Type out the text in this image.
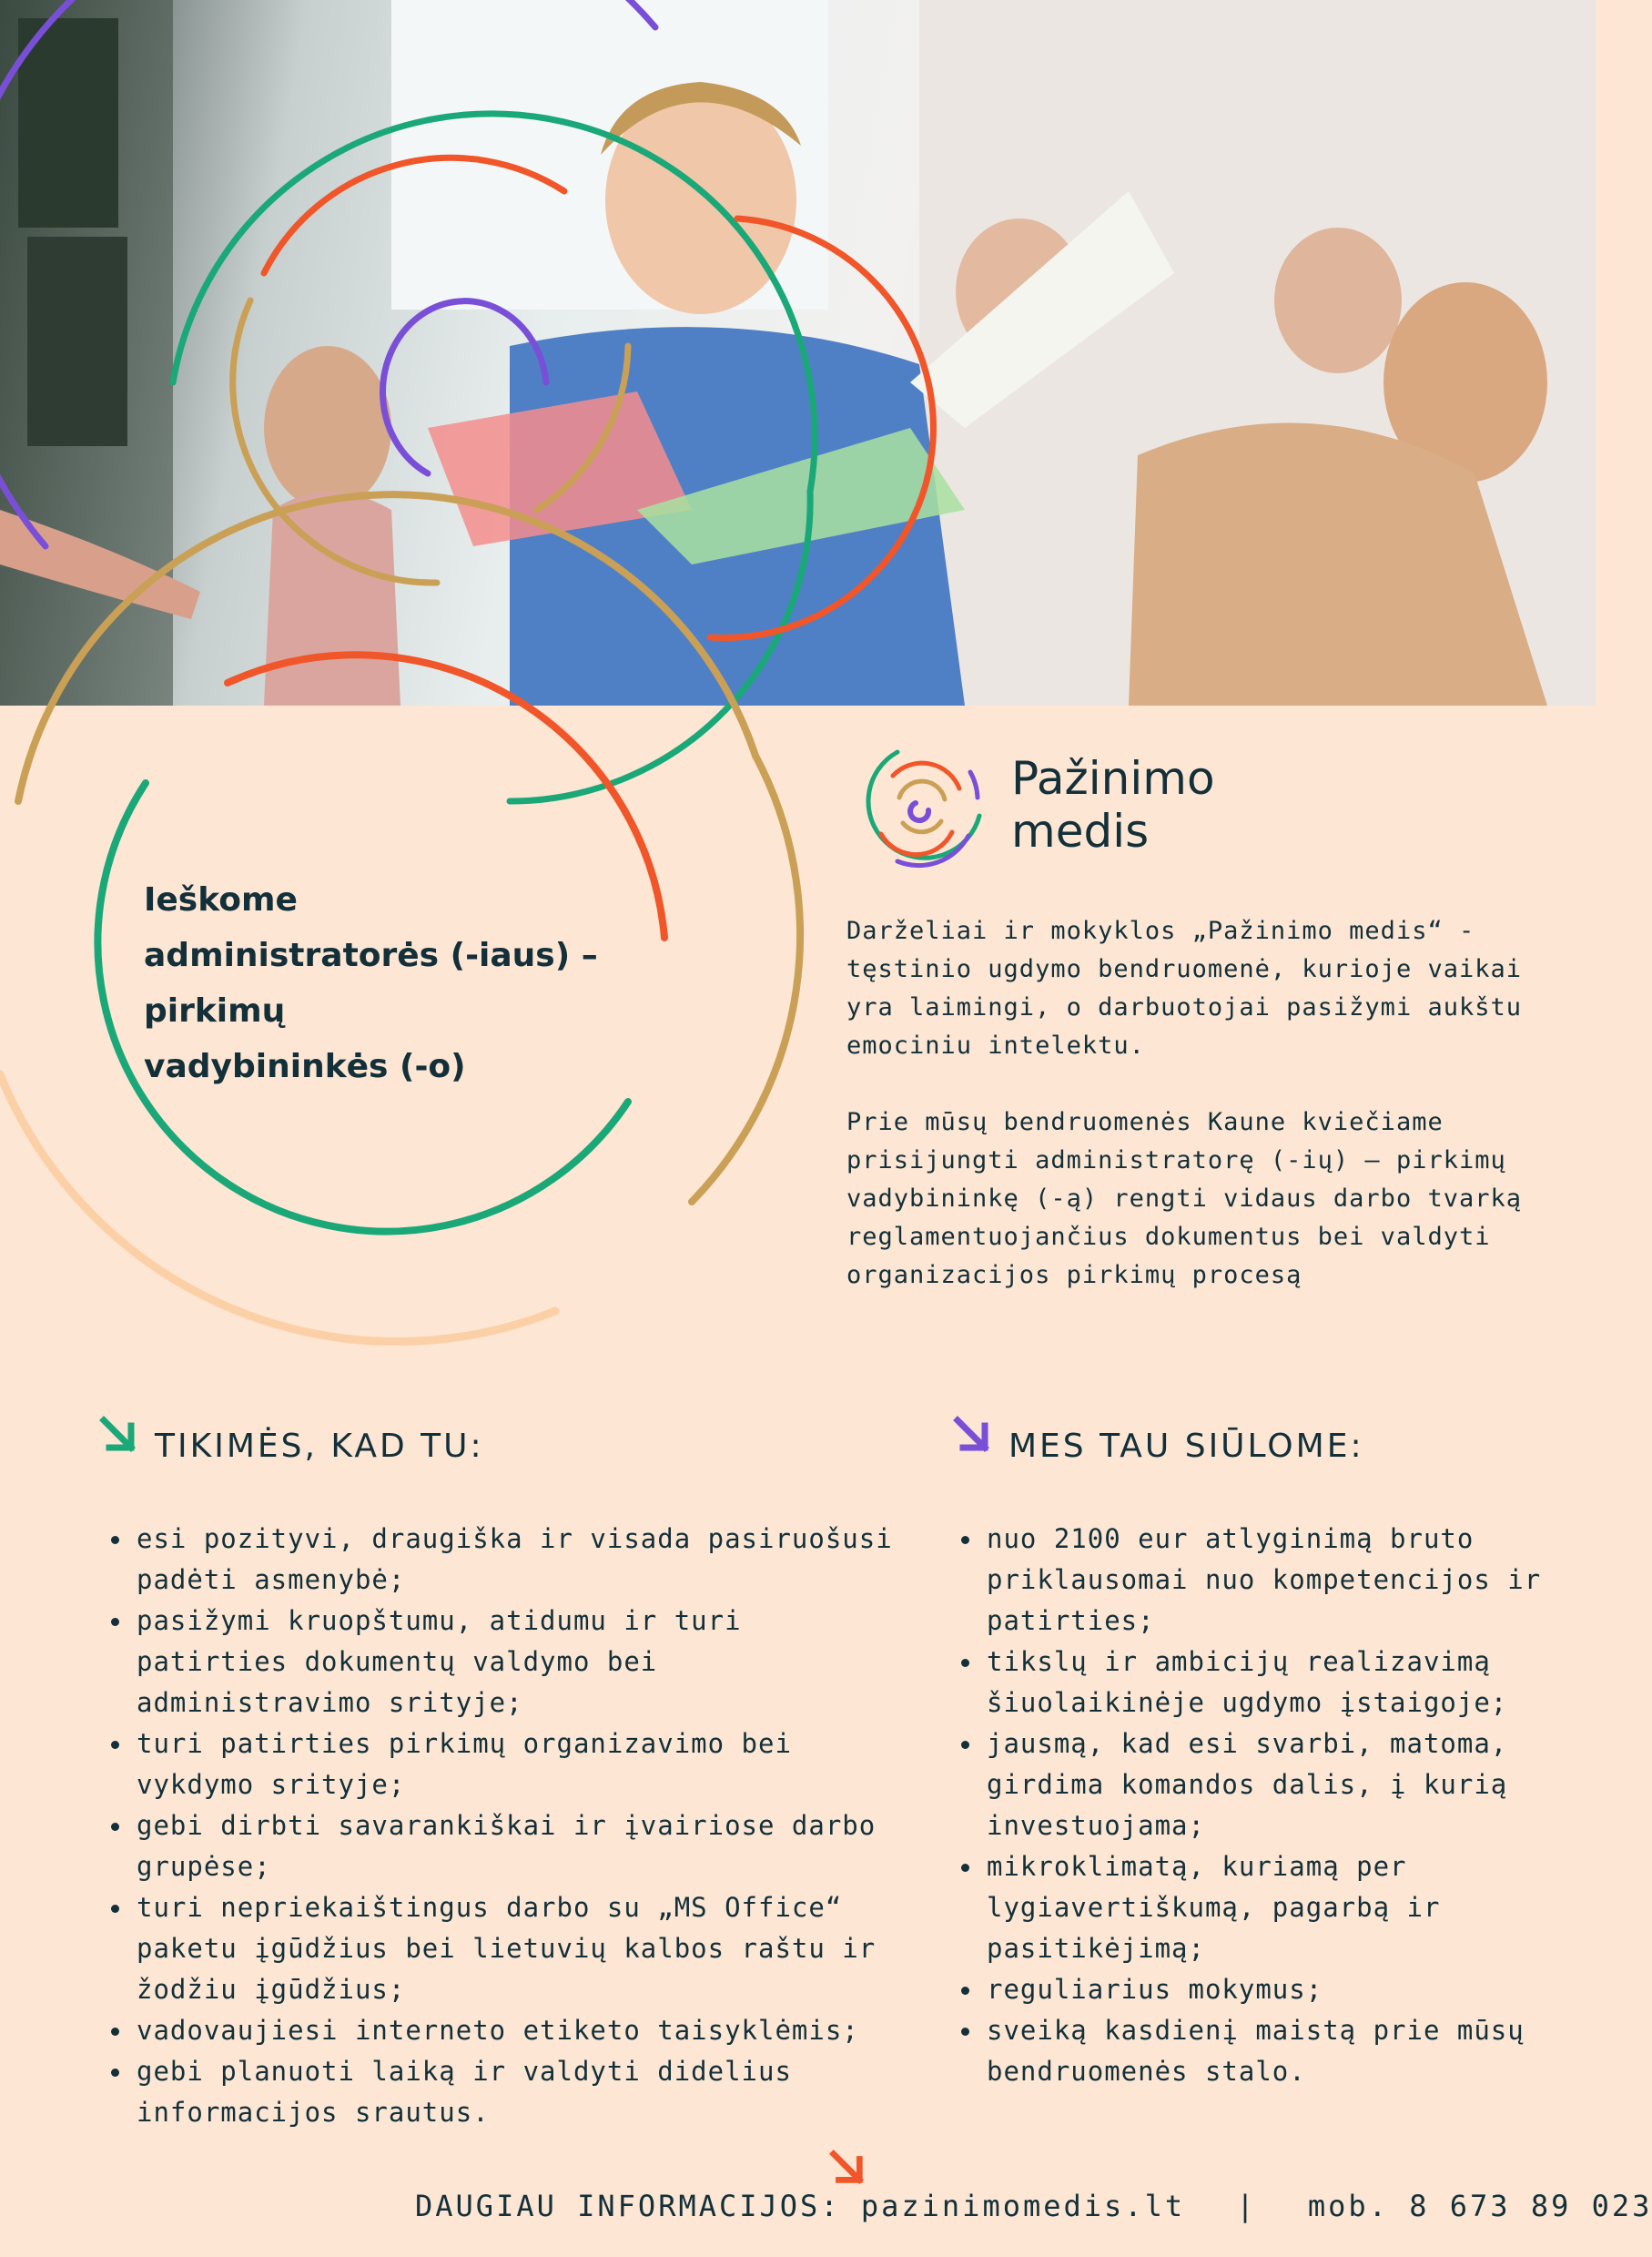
Pažinimo
medis
Ieškome
administratorės (-iaus) –
pirkimų
vadybininkės (-o)

Darželiai ir mokyklos „Pažinimo medis“ - tęstinio ugdymo bendruomenė, kurioje vaikai yra laimingi, o darbuotojai pasižymi aukštu emociniu intelektu.

Prie mūsų bendruomenės Kaune kviečiame prisijungti administratorę (-ių) – pirkimų vadybininkę (-ą) rengti vidaus darbo tvarką reglamentuojančius dokumentus bei valdyti organizacijos pirkimų procesą

TIKIMĖS, KAD TU:
esi pozityvi, draugiška ir visada pasiruošusi padėti asmenybė;
pasižymi kruopštumu, atidumu ir turi patirties dokumentų valdymo bei administravimo srityje;
turi patirties pirkimų organizavimo bei vykdymo srityje;
gebi dirbti savarankiškai ir įvairiose darbo grupėse;
turi nepriekaištingus darbo su „MS Office“ paketu įgūdžius bei lietuvių kalbos raštu ir žodžiu įgūdžius;
vadovaujiesi interneto etiketo taisyklėmis;
gebi planuoti laiką ir valdyti didelius informacijos srautus.
MES TAU SIŪLOME:
nuo 2100 eur atlyginimą bruto priklausomai nuo kompetencijos ir patirties;
tikslų ir ambicijų realizavimą šiuolaikinėje ugdymo įstaigoje;
jausmą, kad esi svarbi, matoma, girdima komandos dalis, į kurią investuojama;
mikroklimatą, kuriamą per lygiavertiškumą, pagarbą ir pasitikėjimą;
reguliarius mokymus;
sveiką kasdienį maistą prie mūsų bendruomenės stalo.
DAUGIAU INFORMACIJOS: pazinimomedis.lt | mob. 8 673 89 023
